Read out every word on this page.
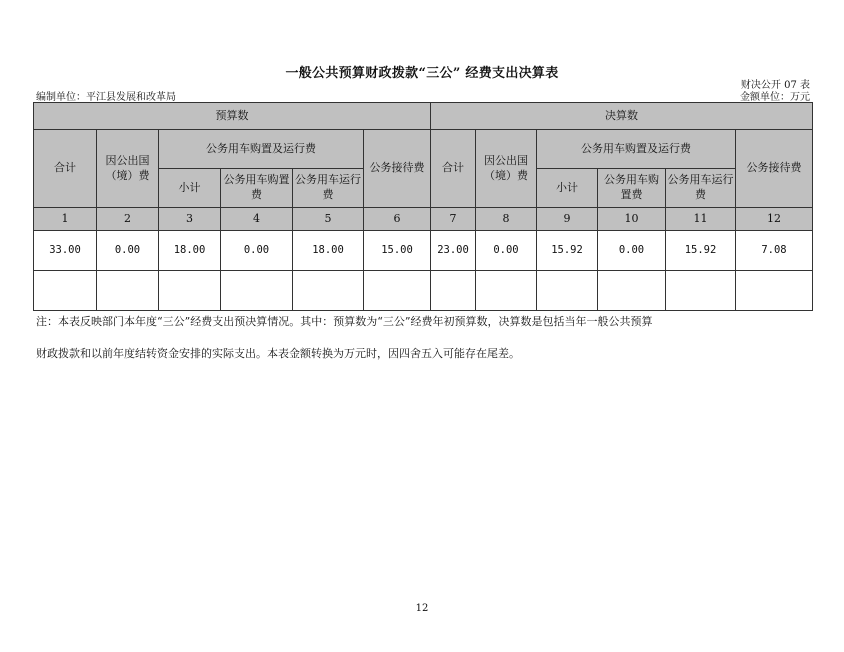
一般公共预算财政拨款“三公” 经费支出决算表
财决公开 07 表
编制单位：平江县发展和改革局	金额单位：万元
预算数						决算数					
合计	因公出国（境）费	公务用车购置及运行费			公务接待费	合计	因公出国（境）费	公务用车购置及运行费			公务接待费
		小计	公务用车购置费	公务用车运行费				小计	公务用车购置费	公务用车运行费	
1	2	3	4	5	6	7	8	9	10	11	12
33.00	0.00	18.00	0.00	18.00	15.00	23.00	0.00	15.92	0.00	15.92	7.08

注：本表反映部门本年度“三公”经费支出预决算情况。其中：预算数为“三公”经费年初预算数，决算数是包括当年一般公共预算
财政拨款和以前年度结转资金安排的实际支出。本表金额转换为万元时，因四舍五入可能存在尾差。
12
